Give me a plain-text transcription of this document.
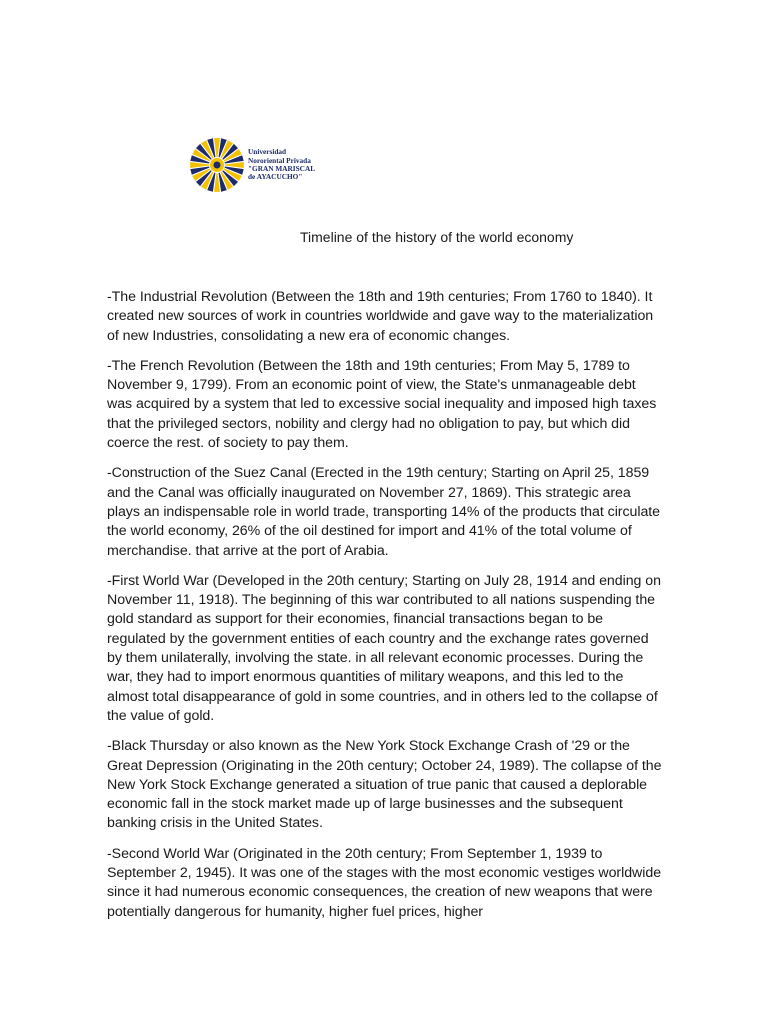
Universidad
Nororiental Privada
"GRAN MARISCAL
de AYACUCHO"
Timeline of the history of the world economy

-The Industrial Revolution (Between the 18th and 19th centuries; From 1760 to 1840). It created new sources of work in countries worldwide and gave way to the materialization of new Industries, consolidating a new era of economic changes.

-The French Revolution (Between the 18th and 19th centuries; From May 5, 1789 to November 9, 1799). From an economic point of view, the State's unmanageable debt was acquired by a system that led to excessive social inequality and imposed high taxes that the privileged sectors, nobility and clergy had no obligation to pay, but which did coerce the rest. of society to pay them.

-Construction of the Suez Canal (Erected in the 19th century; Starting on April 25, 1859 and the Canal was officially inaugurated on November 27, 1869). This strategic area plays an indispensable role in world trade, transporting 14% of the products that circulate the world economy, 26% of the oil destined for import and 41% of the total volume of merchandise. that arrive at the port of Arabia.

-First World War (Developed in the 20th century; Starting on July 28, 1914 and ending on November 11, 1918). The beginning of this war contributed to all nations suspending the gold standard as support for their economies, financial transactions began to be regulated by the government entities of each country and the exchange rates governed by them unilaterally, involving the state. in all relevant economic processes. During the war, they had to import enormous quantities of military weapons, and this led to the almost total disappearance of gold in some countries, and in others led to the collapse of the value of gold.

-Black Thursday or also known as the New York Stock Exchange Crash of '29 or the Great Depression (Originating in the 20th century; October 24, 1989). The collapse of the New York Stock Exchange generated a situation of true panic that caused a deplorable economic fall in the stock market made up of large businesses and the subsequent banking crisis in the United States.

-Second World War (Originated in the 20th century; From September 1, 1939 to September 2, 1945). It was one of the stages with the most economic vestiges worldwide since it had numerous economic consequences, the creation of new weapons that were potentially dangerous for humanity, higher fuel prices, higher
